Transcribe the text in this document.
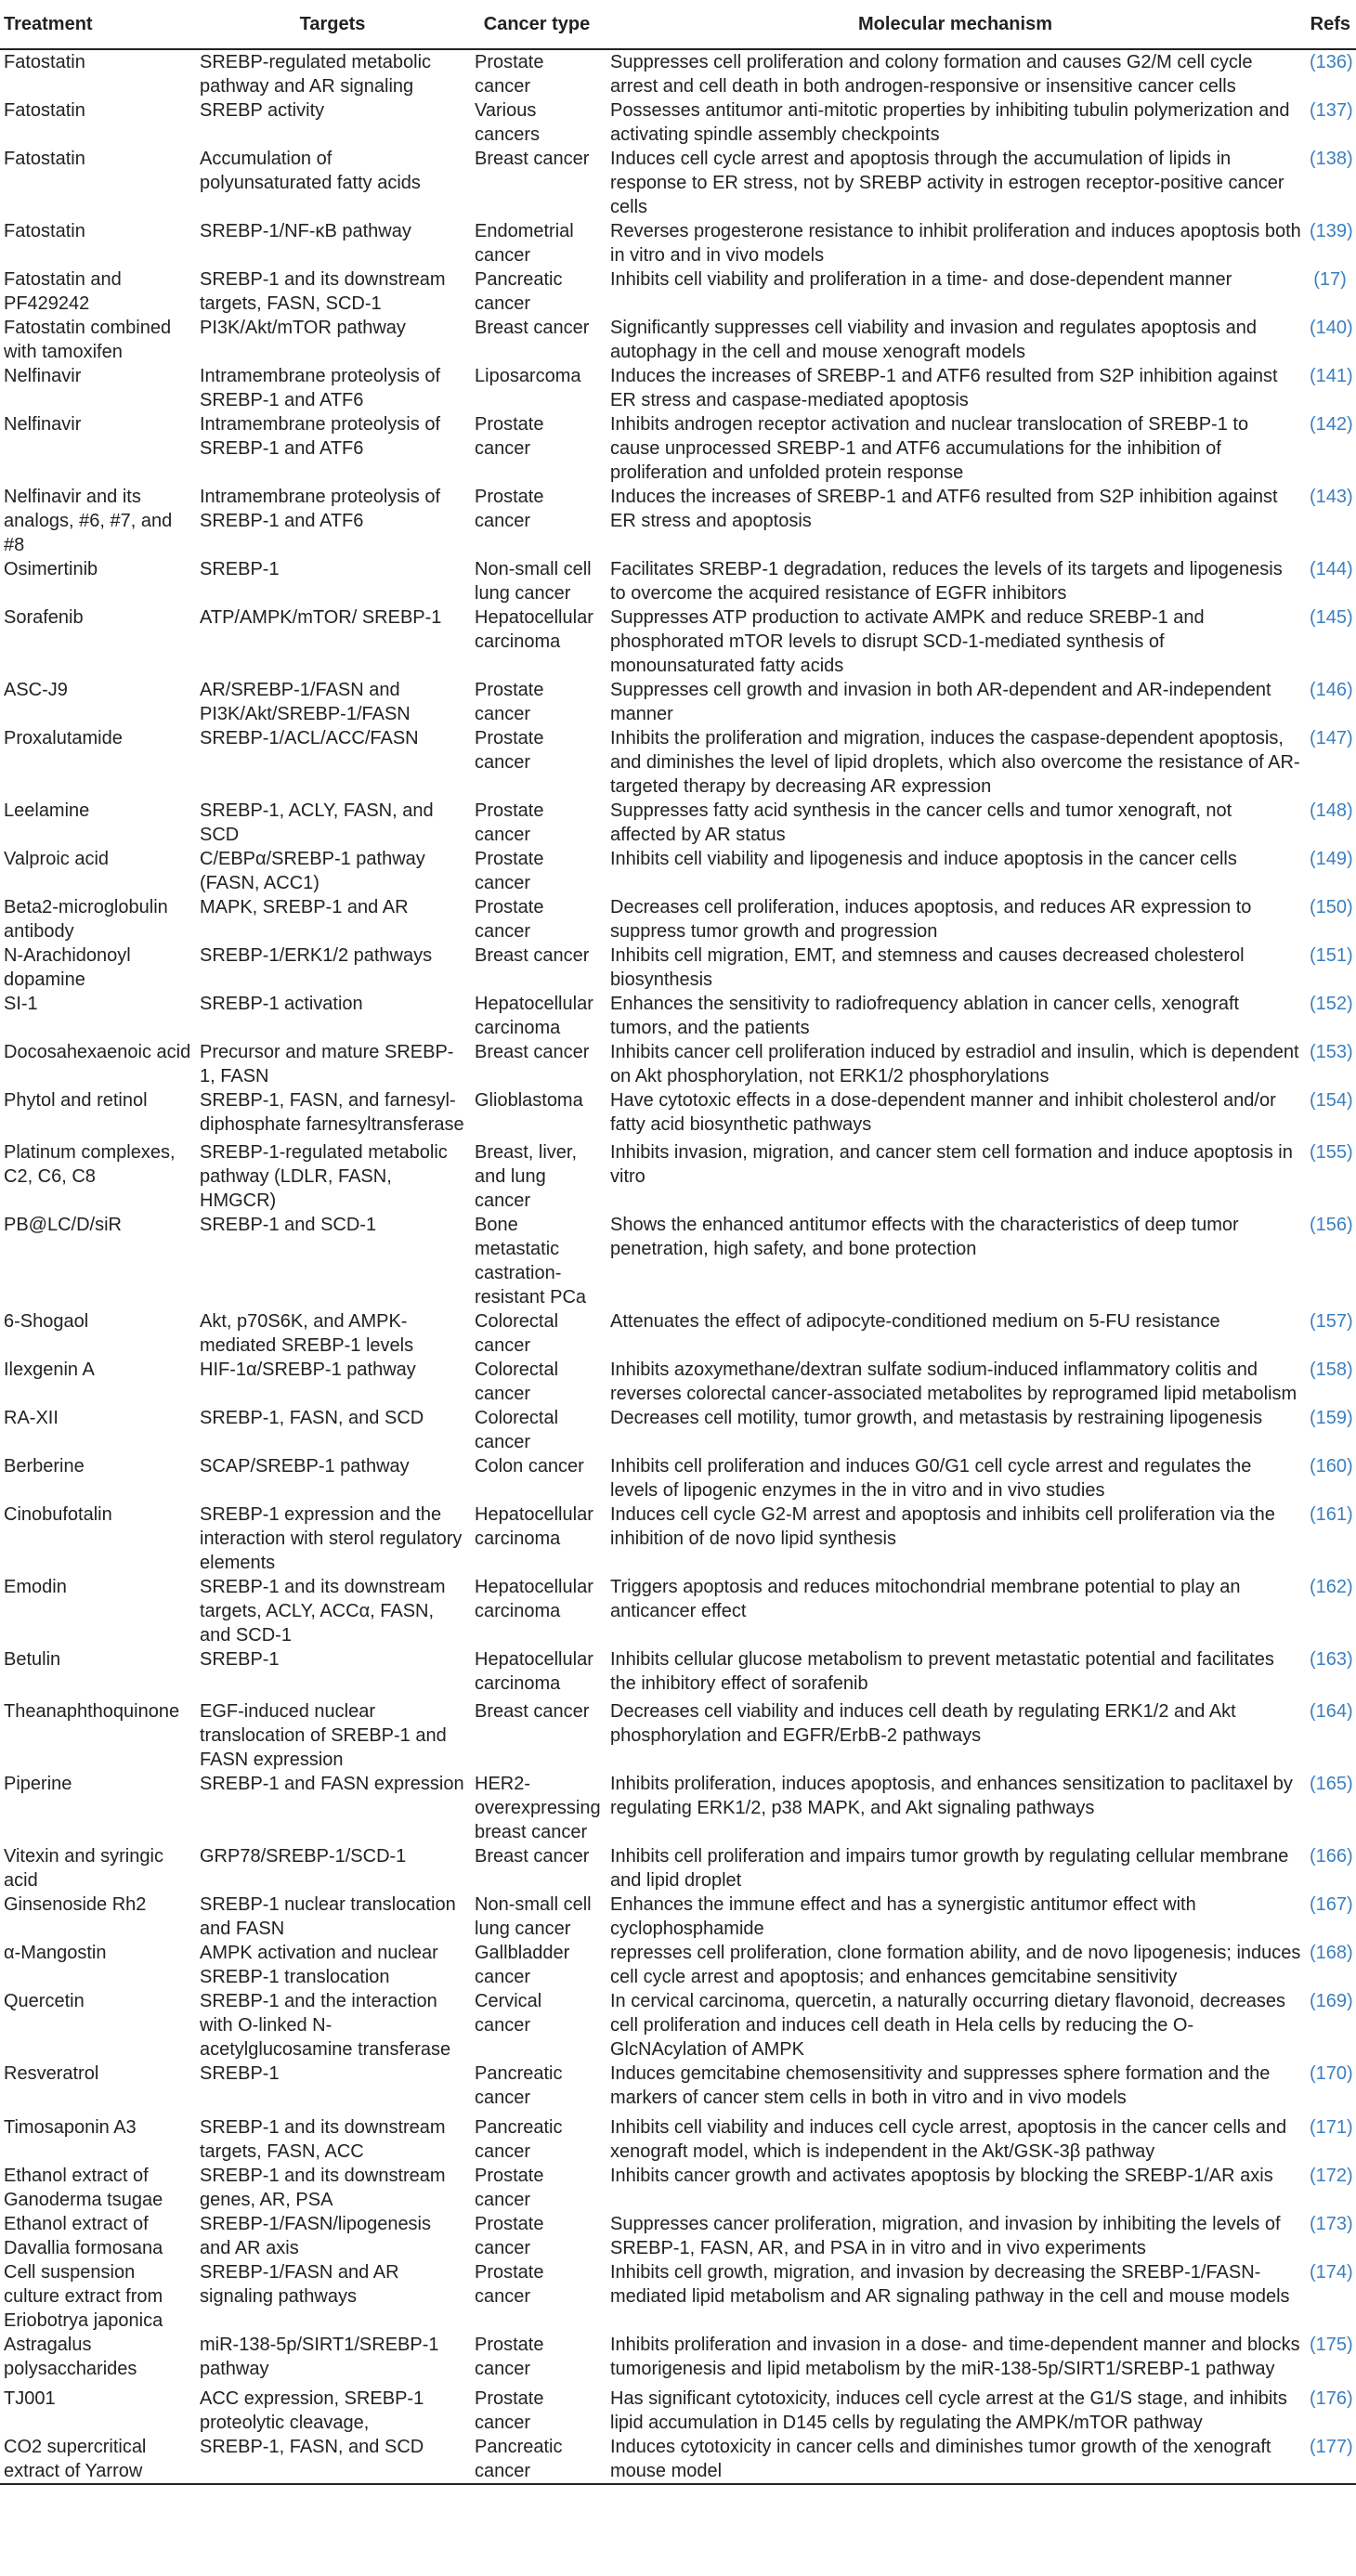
Treatment	Targets	Cancer type	Molecular mechanism	Refs
Fatostatin	SREBP-regulated metabolic pathway and AR signaling	Prostate cancer	Suppresses cell proliferation and colony formation and causes G2/M cell cycle arrest and cell death in both androgen-responsive or insensitive cancer cells	(136)
Fatostatin	SREBP activity	Various cancers	Possesses antitumor anti-mitotic properties by inhibiting tubulin polymerization and activating spindle assembly checkpoints	(137)
Fatostatin	Accumulation of polyunsaturated fatty acids	Breast cancer	Induces cell cycle arrest and apoptosis through the accumulation of lipids in response to ER stress, not by SREBP activity in estrogen receptor-positive cancer cells	(138)
Fatostatin	SREBP-1/NF-κB pathway	Endometrial cancer	Reverses progesterone resistance to inhibit proliferation and induces apoptosis both in vitro and in vivo models	(139)
Fatostatin and PF429242	SREBP-1 and its downstream targets, FASN, SCD-1	Pancreatic cancer	Inhibits cell viability and proliferation in a time- and dose-dependent manner	(17)
Fatostatin combined with tamoxifen	PI3K/Akt/mTOR pathway	Breast cancer	Significantly suppresses cell viability and invasion and regulates apoptosis and autophagy in the cell and mouse xenograft models	(140)
Nelfinavir	Intramembrane proteolysis of SREBP-1 and ATF6	Liposarcoma	Induces the increases of SREBP-1 and ATF6 resulted from S2P inhibition against ER stress and caspase-mediated apoptosis	(141)
Nelfinavir	Intramembrane proteolysis of SREBP-1 and ATF6	Prostate cancer	Inhibits androgen receptor activation and nuclear translocation of SREBP-1 to cause unprocessed SREBP-1 and ATF6 accumulations for the inhibition of proliferation and unfolded protein response	(142)
Nelfinavir and its analogs, #6, #7, and #8	Intramembrane proteolysis of SREBP-1 and ATF6	Prostate cancer	Induces the increases of SREBP-1 and ATF6 resulted from S2P inhibition against ER stress and apoptosis	(143)
Osimertinib	SREBP-1	Non-small cell lung cancer	Facilitates SREBP-1 degradation, reduces the levels of its targets and lipogenesis to overcome the acquired resistance of EGFR inhibitors	(144)
Sorafenib	ATP/AMPK/mTOR/ SREBP-1	Hepatocellular carcinoma	Suppresses ATP production to activate AMPK and reduce SREBP-1 and phosphorated mTOR levels to disrupt SCD-1-mediated synthesis of monounsaturated fatty acids	(145)
ASC-J9	AR/SREBP-1/FASN and PI3K/Akt/SREBP-1/FASN	Prostate cancer	Suppresses cell growth and invasion in both AR-dependent and AR-independent manner	(146)
Proxalutamide	SREBP-1/ACL/ACC/FASN	Prostate cancer	Inhibits the proliferation and migration, induces the caspase-dependent apoptosis, and diminishes the level of lipid droplets, which also overcome the resistance of AR-targeted therapy by decreasing AR expression	(147)
Leelamine	SREBP-1, ACLY, FASN, and SCD	Prostate cancer	Suppresses fatty acid synthesis in the cancer cells and tumor xenograft, not affected by AR status	(148)
Valproic acid	C/EBPα/SREBP-1 pathway (FASN, ACC1)	Prostate cancer	Inhibits cell viability and lipogenesis and induce apoptosis in the cancer cells	(149)
Beta2-microglobulin antibody	MAPK, SREBP-1 and AR	Prostate cancer	Decreases cell proliferation, induces apoptosis, and reduces AR expression to suppress tumor growth and progression	(150)
N-Arachidonoyl dopamine	SREBP-1/ERK1/2 pathways	Breast cancer	Inhibits cell migration, EMT, and stemness and causes decreased cholesterol biosynthesis	(151)
SI-1	SREBP-1 activation	Hepatocellular carcinoma	Enhances the sensitivity to radiofrequency ablation in cancer cells, xenograft tumors, and the patients	(152)
Docosahexaenoic acid	Precursor and mature SREBP-1, FASN	Breast cancer	Inhibits cancer cell proliferation induced by estradiol and insulin, which is dependent on Akt phosphorylation, not ERK1/2 phosphorylations	(153)
Phytol and retinol	SREBP-1, FASN, and farnesyl-diphosphate farnesyltransferase	Glioblastoma	Have cytotoxic effects in a dose-dependent manner and inhibit cholesterol and/or fatty acid biosynthetic pathways	(154)
Platinum complexes, C2, C6, C8	SREBP-1-regulated metabolic pathway (LDLR, FASN, HMGCR)	Breast, liver, and lung cancer	Inhibits invasion, migration, and cancer stem cell formation and induce apoptosis in vitro	(155)
PB@LC/D/siR	SREBP-1 and SCD-1	Bone metastatic castration-resistant PCa	Shows the enhanced antitumor effects with the characteristics of deep tumor penetration, high safety, and bone protection	(156)
6-Shogaol	Akt, p70S6K, and AMPK-mediated SREBP-1 levels	Colorectal cancer	Attenuates the effect of adipocyte-conditioned medium on 5-FU resistance	(157)
Ilexgenin A	HIF-1α/SREBP-1 pathway	Colorectal cancer	Inhibits azoxymethane/dextran sulfate sodium-induced inflammatory colitis and reverses colorectal cancer-associated metabolites by reprogramed lipid metabolism	(158)
RA-XII	SREBP-1, FASN, and SCD	Colorectal cancer	Decreases cell motility, tumor growth, and metastasis by restraining lipogenesis	(159)
Berberine	SCAP/SREBP-1 pathway	Colon cancer	Inhibits cell proliferation and induces G0/G1 cell cycle arrest and regulates the levels of lipogenic enzymes in the in vitro and in vivo studies	(160)
Cinobufotalin	SREBP-1 expression and the interaction with sterol regulatory elements	Hepatocellular carcinoma	Induces cell cycle G2-M arrest and apoptosis and inhibits cell proliferation via the inhibition of de novo lipid synthesis	(161)
Emodin	SREBP-1 and its downstream targets, ACLY, ACCα, FASN, and SCD-1	Hepatocellular carcinoma	Triggers apoptosis and reduces mitochondrial membrane potential to play an anticancer effect	(162)
Betulin	SREBP-1	Hepatocellular carcinoma	Inhibits cellular glucose metabolism to prevent metastatic potential and facilitates the inhibitory effect of sorafenib	(163)
Theanaphthoquinone	EGF-induced nuclear translocation of SREBP-1 and FASN expression	Breast cancer	Decreases cell viability and induces cell death by regulating ERK1/2 and Akt phosphorylation and EGFR/ErbB-2 pathways	(164)
Piperine	SREBP-1 and FASN expression	HER2-overexpressing breast cancer	Inhibits proliferation, induces apoptosis, and enhances sensitization to paclitaxel by regulating ERK1/2, p38 MAPK, and Akt signaling pathways	(165)
Vitexin and syringic acid	GRP78/SREBP-1/SCD-1	Breast cancer	Inhibits cell proliferation and impairs tumor growth by regulating cellular membrane and lipid droplet	(166)
Ginsenoside Rh2	SREBP-1 nuclear translocation and FASN	Non-small cell lung cancer	Enhances the immune effect and has a synergistic antitumor effect with cyclophosphamide	(167)
α-Mangostin	AMPK activation and nuclear SREBP-1 translocation	Gallbladder cancer	represses cell proliferation, clone formation ability, and de novo lipogenesis; induces cell cycle arrest and apoptosis; and enhances gemcitabine sensitivity	(168)
Quercetin	SREBP-1 and the interaction with O-linked N-acetylglucosamine transferase	Cervical cancer	In cervical carcinoma, quercetin, a naturally occurring dietary flavonoid, decreases cell proliferation and induces cell death in Hela cells by reducing the O-GlcNAcylation of AMPK	(169)
Resveratrol	SREBP-1	Pancreatic cancer	Induces gemcitabine chemosensitivity and suppresses sphere formation and the markers of cancer stem cells in both in vitro and in vivo models	(170)
Timosaponin A3	SREBP-1 and its downstream targets, FASN, ACC	Pancreatic cancer	Inhibits cell viability and induces cell cycle arrest, apoptosis in the cancer cells and xenograft model, which is independent in the Akt/GSK-3β pathway	(171)
Ethanol extract of Ganoderma tsugae	SREBP-1 and its downstream genes, AR, PSA	Prostate cancer	Inhibits cancer growth and activates apoptosis by blocking the SREBP-1/AR axis	(172)
Ethanol extract of Davallia formosana	SREBP-1/FASN/lipogenesis and AR axis	Prostate cancer	Suppresses cancer proliferation, migration, and invasion by inhibiting the levels of SREBP-1, FASN, AR, and PSA in in vitro and in vivo experiments	(173)
Cell suspension culture extract from Eriobotrya japonica	SREBP-1/FASN and AR signaling pathways	Prostate cancer	Inhibits cell growth, migration, and invasion by decreasing the SREBP-1/FASN-mediated lipid metabolism and AR signaling pathway in the cell and mouse models	(174)
Astragalus polysaccharides	miR-138-5p/SIRT1/SREBP-1 pathway	Prostate cancer	Inhibits proliferation and invasion in a dose- and time-dependent manner and blocks tumorigenesis and lipid metabolism by the miR-138-5p/SIRT1/SREBP-1 pathway	(175)
TJ001	ACC expression, SREBP-1 proteolytic cleavage,	Prostate cancer	Has significant cytotoxicity, induces cell cycle arrest at the G1/S stage, and inhibits lipid accumulation in D145 cells by regulating the AMPK/mTOR pathway	(176)
CO2 supercritical extract of Yarrow	SREBP-1, FASN, and SCD	Pancreatic cancer	Induces cytotoxicity in cancer cells and diminishes tumor growth of the xenograft mouse model	(177)
